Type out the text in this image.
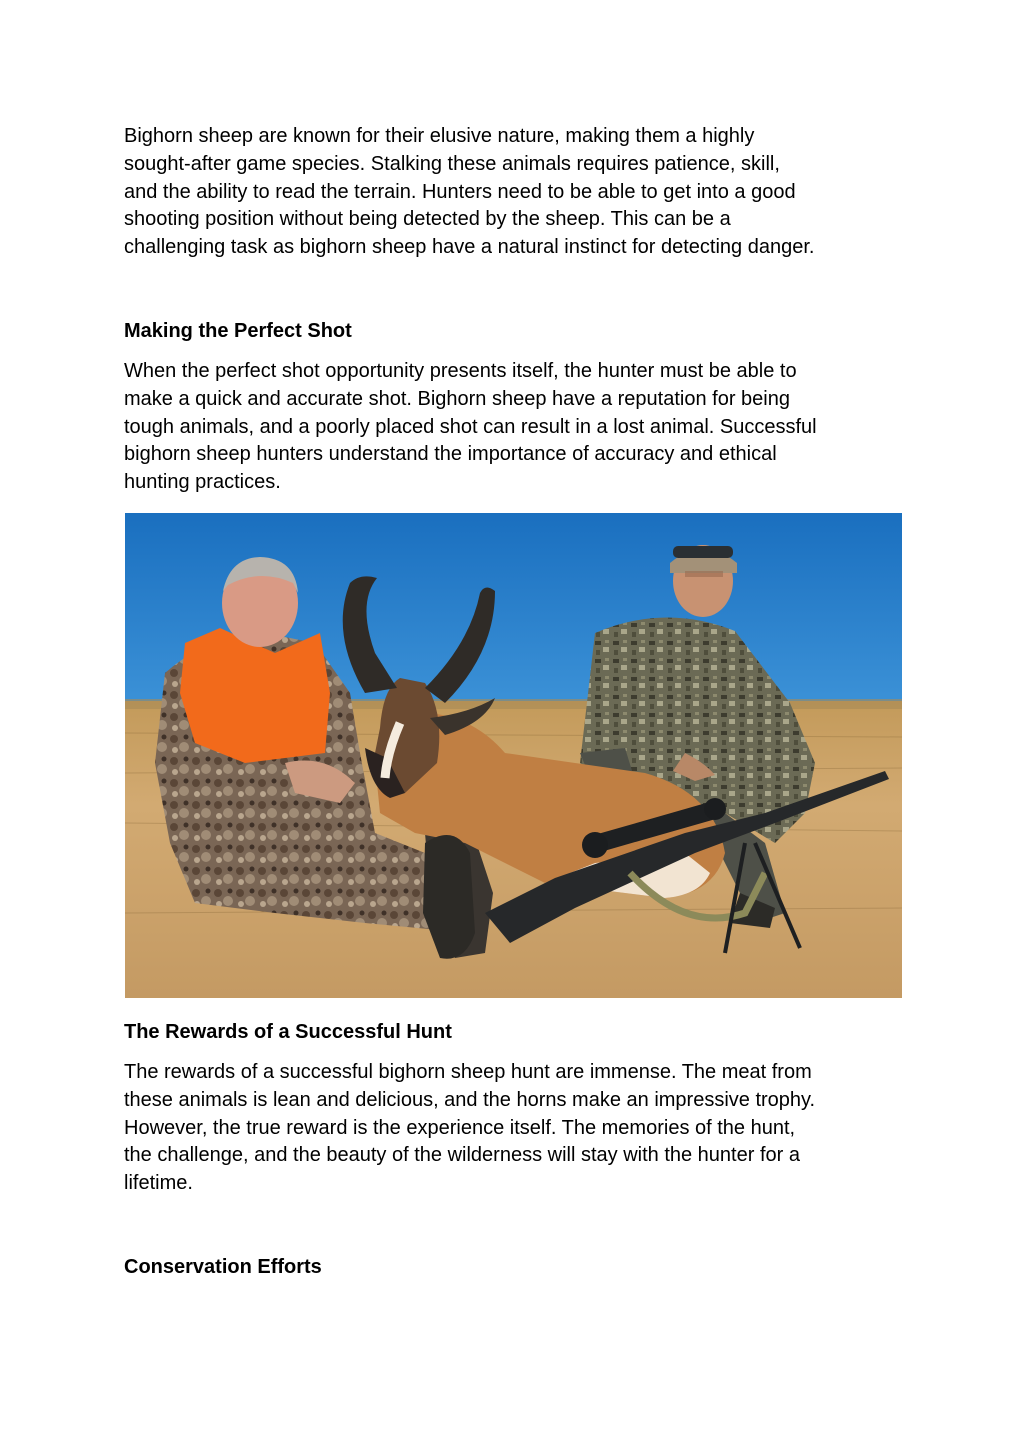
Bighorn sheep are known for their elusive nature, making them a highly
sought-after game species. Stalking these animals requires patience, skill,
and the ability to read the terrain. Hunters need to be able to get into a good
shooting position without being detected by the sheep. This can be a
challenging task as bighorn sheep have a natural instinct for detecting danger.

Making the Perfect Shot

When the perfect shot opportunity presents itself, the hunter must be able to
make a quick and accurate shot. Bighorn sheep have a reputation for being
tough animals, and a poorly placed shot can result in a lost animal. Successful
bighorn sheep hunters understand the importance of accuracy and ethical
hunting practices.

The Rewards of a Successful Hunt

The rewards of a successful bighorn sheep hunt are immense. The meat from
these animals is lean and delicious, and the horns make an impressive trophy.
However, the true reward is the experience itself. The memories of the hunt,
the challenge, and the beauty of the wilderness will stay with the hunter for a
lifetime.

Conservation Efforts
